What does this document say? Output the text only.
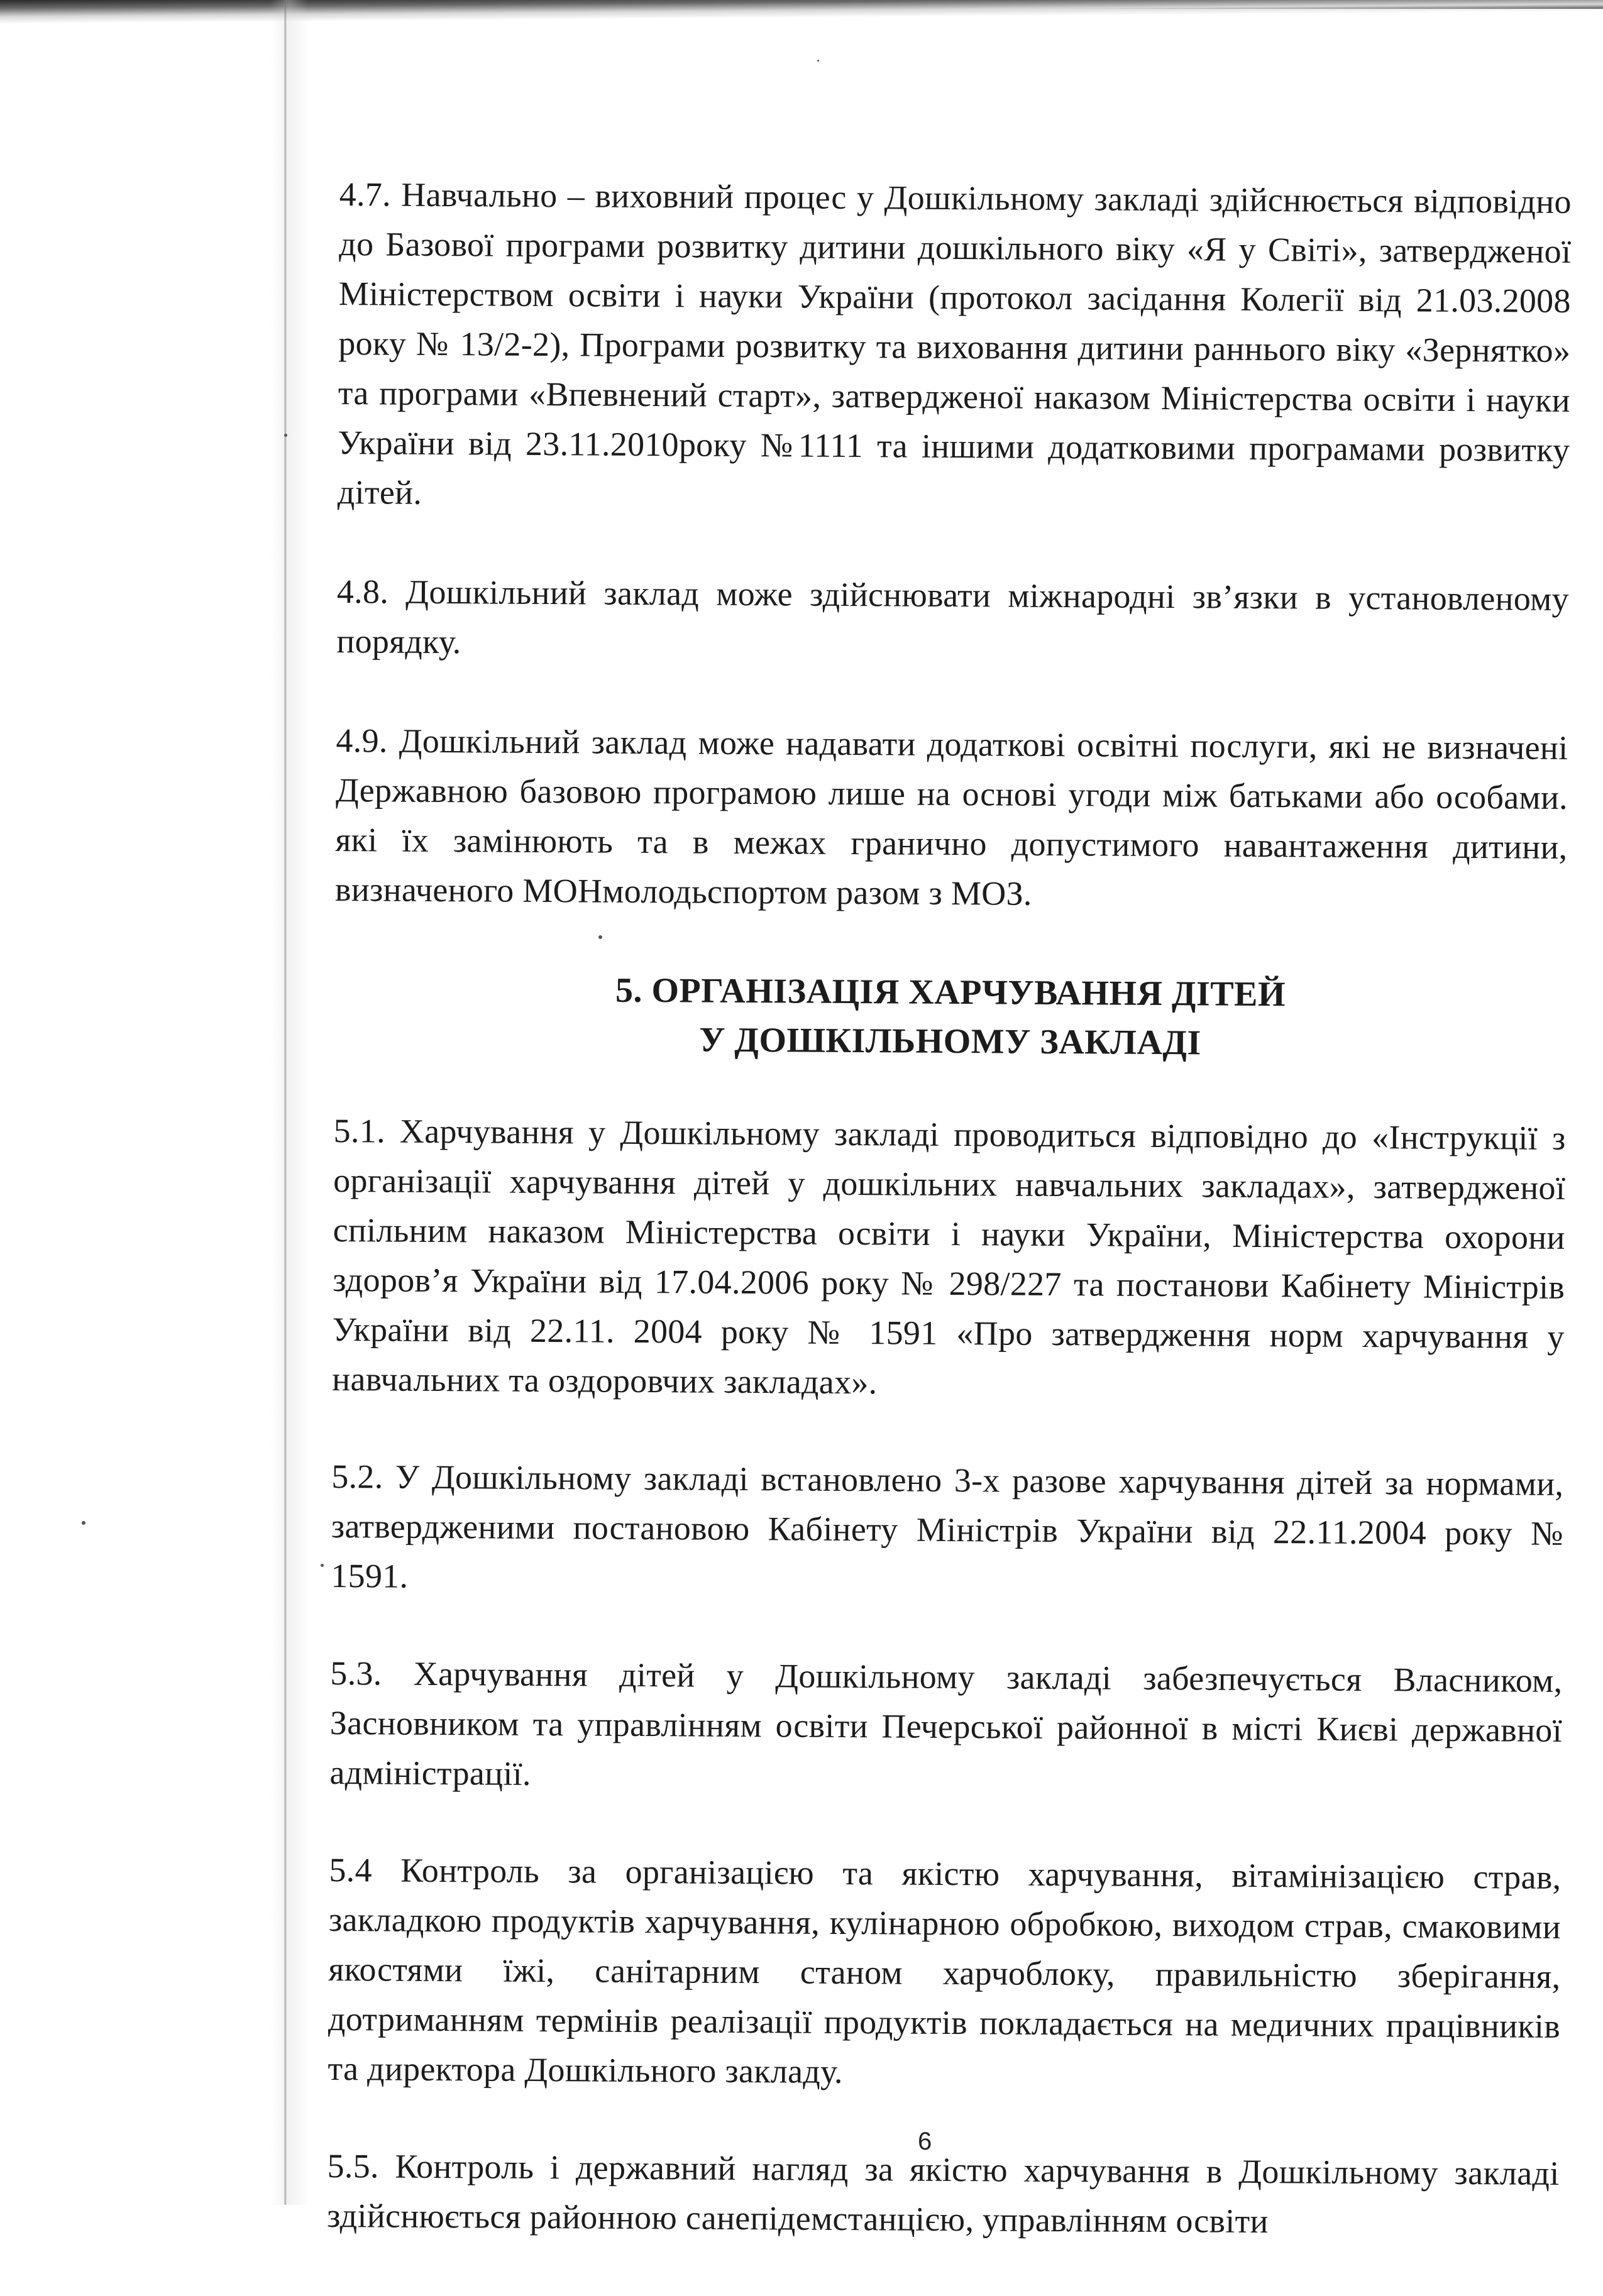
4.7. Навчально – виховний процес у Дошкільному закладі здійснюється відповідно до Базової програми розвитку дитини дошкільного віку «Я у Світі», затвердженої Міністерством освіти і науки України (протокол засідання Колегії від 21.03.2008 року № 13/2-2), Програми розвитку та виховання дитини раннього віку «Зернятко» та програми «Впевнений старт», затвердженої наказом Міністерства освіти і науки України від 23.11.2010року №1111 та іншими додатковими програмами розвитку дітей.

4.8. Дошкільний заклад може здійснювати міжнародні зв’язки в установленому порядку.

4.9. Дошкільний заклад може надавати додаткові освітні послуги, які не визначені Державною базовою програмою лише на основі угоди між батьками або особами. які їх замінюють та в межах гранично допустимого навантаження дитини, визначеного МОНмолодьспортом разом з МОЗ.

5. ОРГАНІЗАЦІЯ ХАРЧУВАННЯ ДІТЕЙ
У ДОШКІЛЬНОМУ ЗАКЛАДІ

5.1. Харчування у Дошкільному закладі проводиться відповідно до «Інструкції з організації харчування дітей у дошкільних навчальних закладах», затвердженої спільним наказом Міністерства освіти і науки України, Міністерства охорони здоров’я України від 17.04.2006 року № 298/227 та постанови Кабінету Міністрів України від 22.11. 2004 року № 1591 «Про затвердження норм харчування у навчальних та оздоровчих закладах».

5.2. У Дошкільному закладі встановлено 3-х разове харчування дітей за нормами, затвердженими постановою Кабінету Міністрів України від 22.11.2004 року № 1591.

5.3. Харчування дітей у Дошкільному закладі забезпечується Власником, Засновником та управлінням освіти Печерської районної в місті Києві державної адміністрації.

5.4 Контроль за організацією та якістю харчування, вітамінізацією страв, закладкою продуктів харчування, кулінарною обробкою, виходом страв, смаковими якостями їжі, санітарним станом харчоблоку, правильністю зберігання, дотриманням термінів реалізації продуктів покладається на медичних працівників та директора Дошкільного закладу.

5.5. Контроль і державний нагляд за якістю харчування в Дошкільному закладі здійснюється районною санепідемстанцією, управлінням освіти

6
